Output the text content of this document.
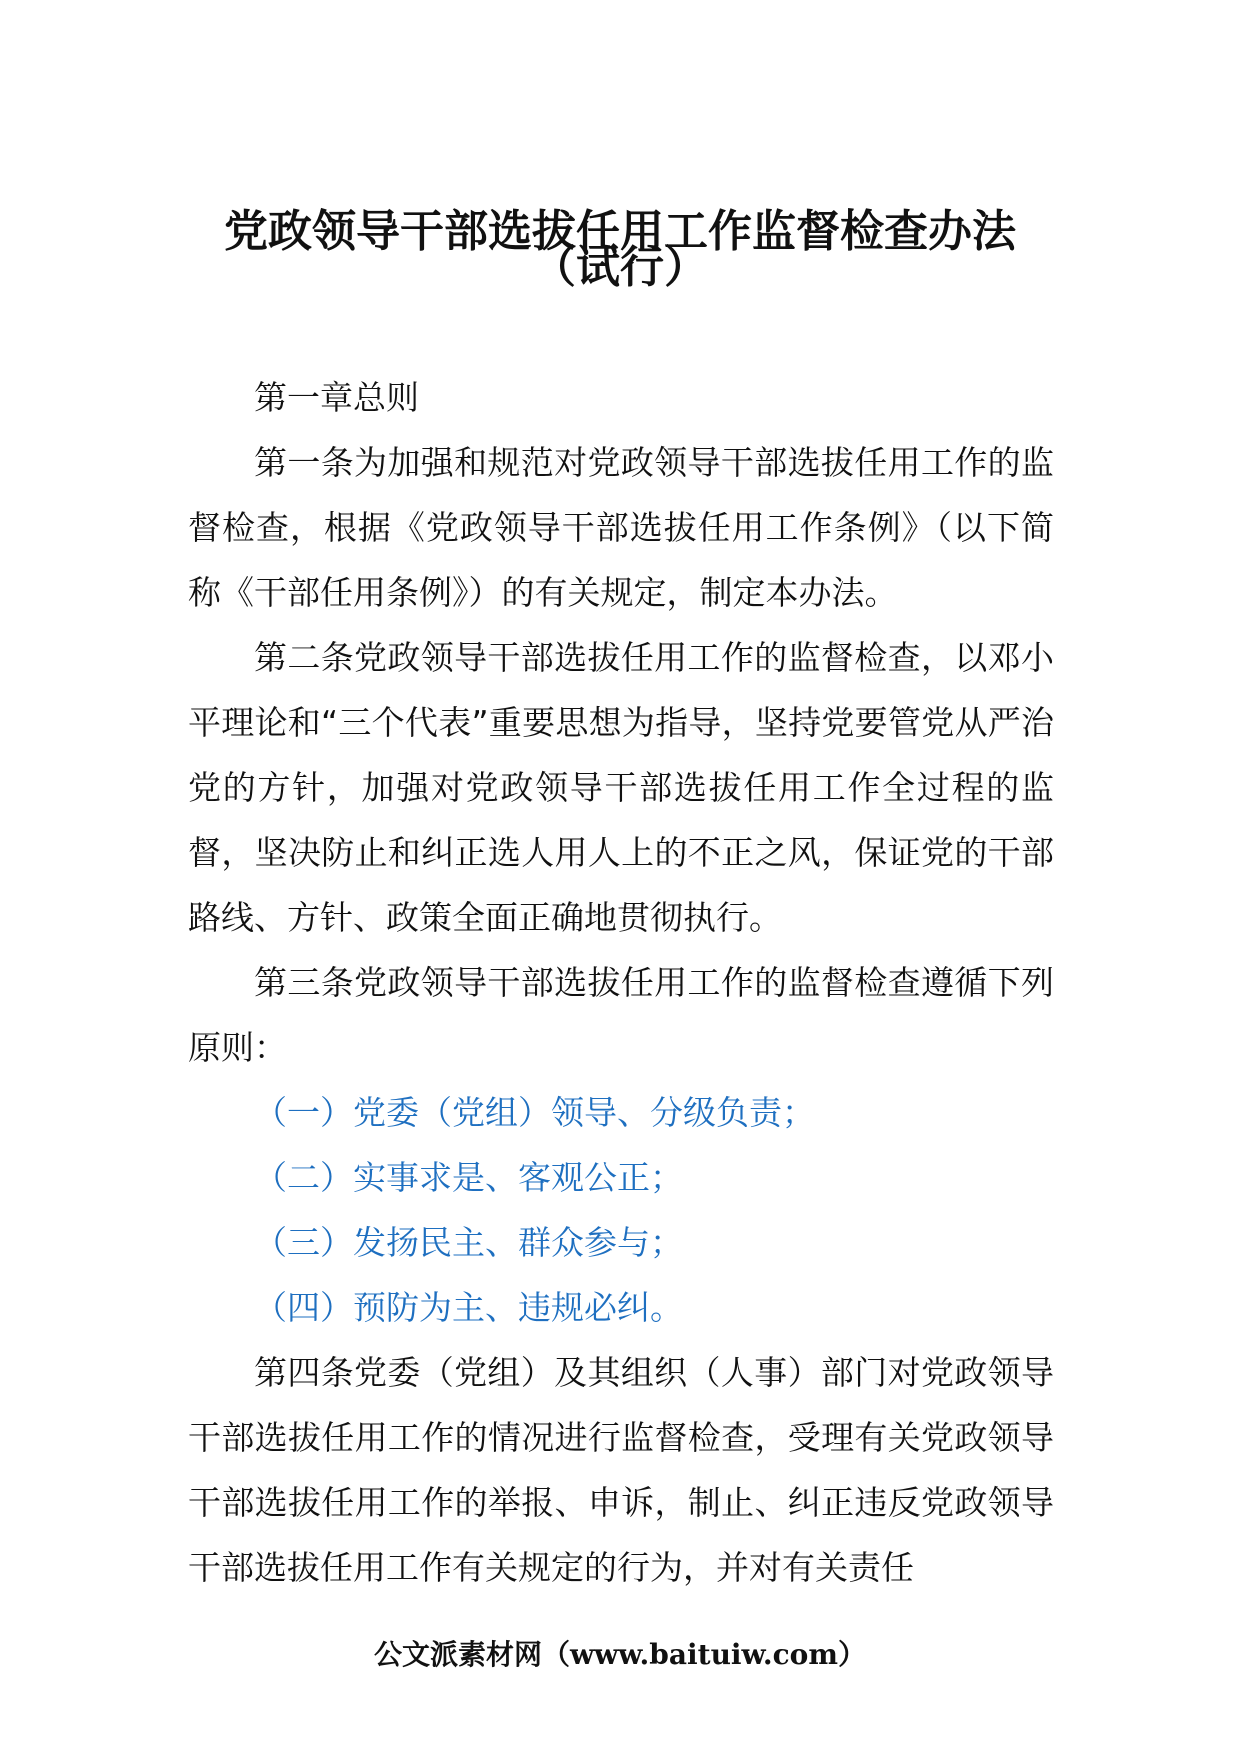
党政领导干部选拔任用工作监督检查办法
（试行）

第一章总则

第一条为加强和规范对党政领导干部选拔任用工作的监督检查，根据《党政领导干部选拔任用工作条例》（以下简称《干部任用条例》）的有关规定，制定本办法。

第二条党政领导干部选拔任用工作的监督检查，以邓小平理论和“三个代表”重要思想为指导，坚持党要管党从严治党的方针，加强对党政领导干部选拔任用工作全过程的监督，坚决防止和纠正选人用人上的不正之风，保证党的干部路线、方针、政策全面正确地贯彻执行。

第三条党政领导干部选拔任用工作的监督检查遵循下列原则：

（一）党委（党组）领导、分级负责；

（二）实事求是、客观公正；

（三）发扬民主、群众参与；

（四）预防为主、违规必纠。

第四条党委（党组）及其组织（人事）部门对党政领导干部选拔任用工作的情况进行监督检查，受理有关党政领导干部选拔任用工作的举报、申诉，制止、纠正违反党政领导干部选拔任用工作有关规定的行为，并对有关责任

公文派素材网（www.baituiw.com）
